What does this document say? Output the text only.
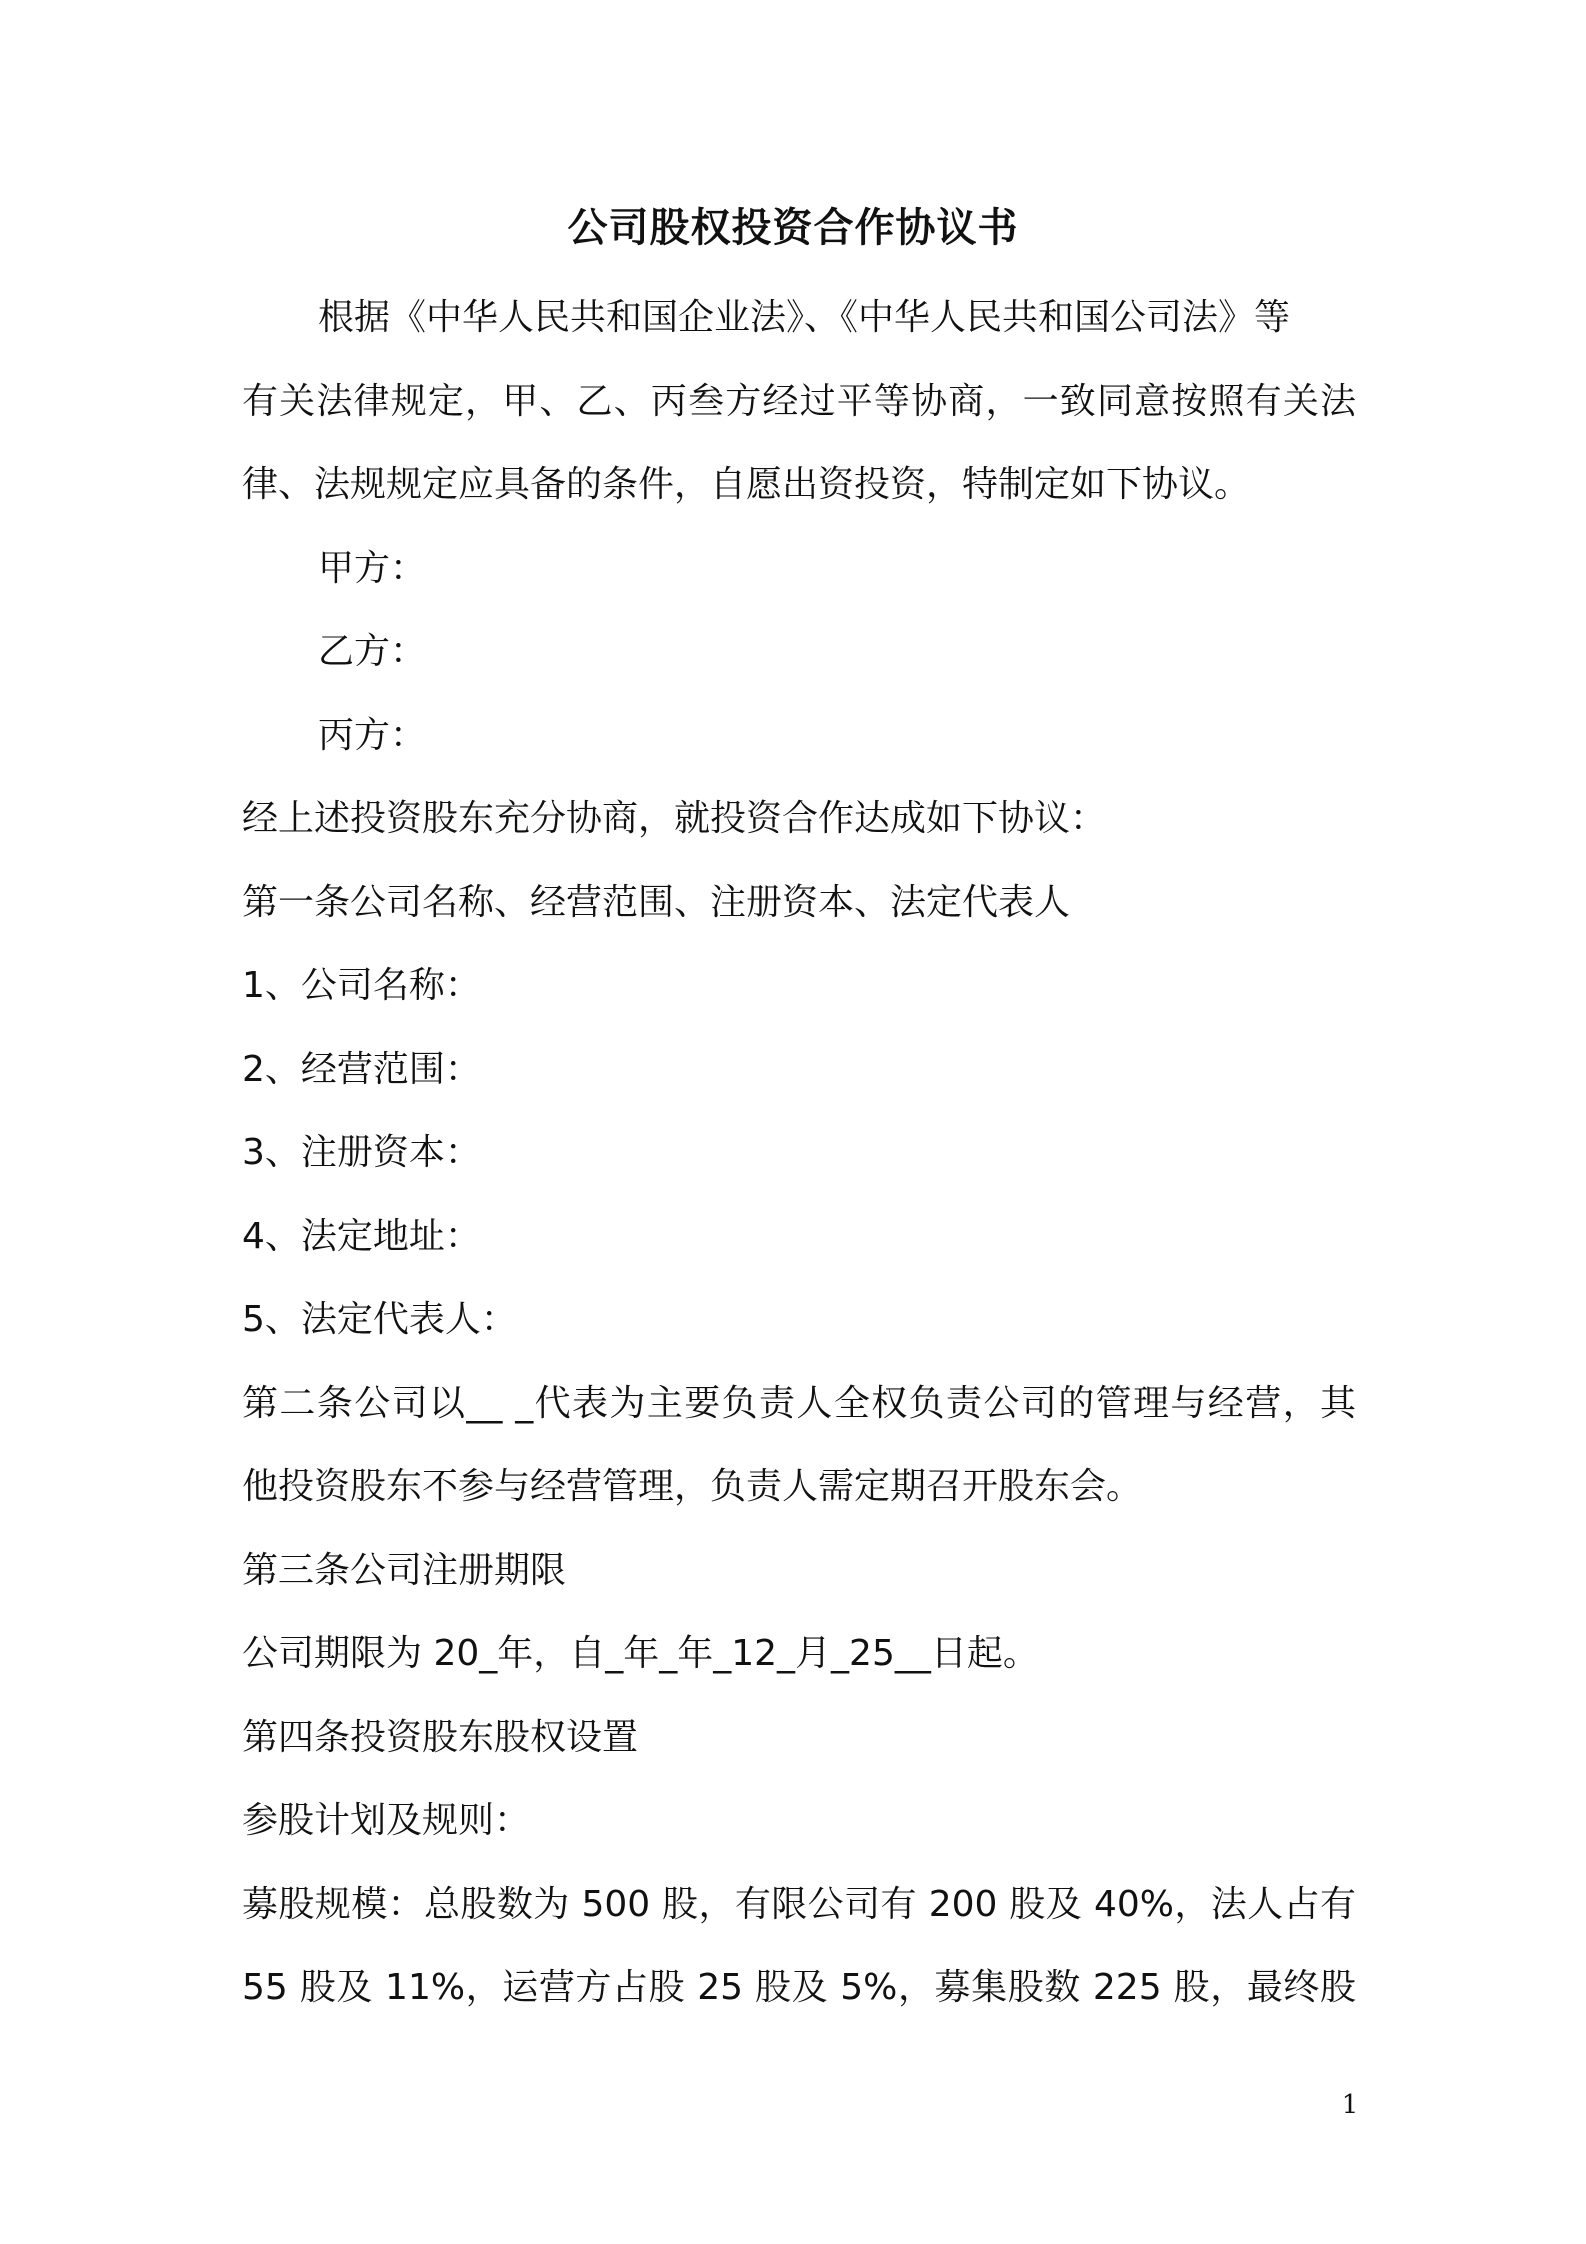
公司股权投资合作协议书
根据《中华人民共和国企业法》、《中华人民共和国公司法》等
有关法律规定，甲、乙、丙叁方经过平等协商，一致同意按照有关法
律、法规规定应具备的条件，自愿出资投资，特制定如下协议。
甲方：
乙方：
丙方：
经上述投资股东充分协商，就投资合作达成如下协议：
第一条公司名称、经营范围、注册资本、法定代表人
1、公司名称：
2、经营范围：
3、注册资本：
4、法定地址：
5、法定代表人：
第二条公司以__ _代表为主要负责人全权负责公司的管理与经营，其
他投资股东不参与经营管理，负责人需定期召开股东会。
第三条公司注册期限
公司期限为 20_年，自_年_年_12_月_25__日起。
第四条投资股东股权设置
参股计划及规则：
募股规模：总股数为 500 股，有限公司有 200 股及 40%，法人占有
55 股及 11%，运营方占股 25 股及 5%，募集股数 225 股，最终股
1
